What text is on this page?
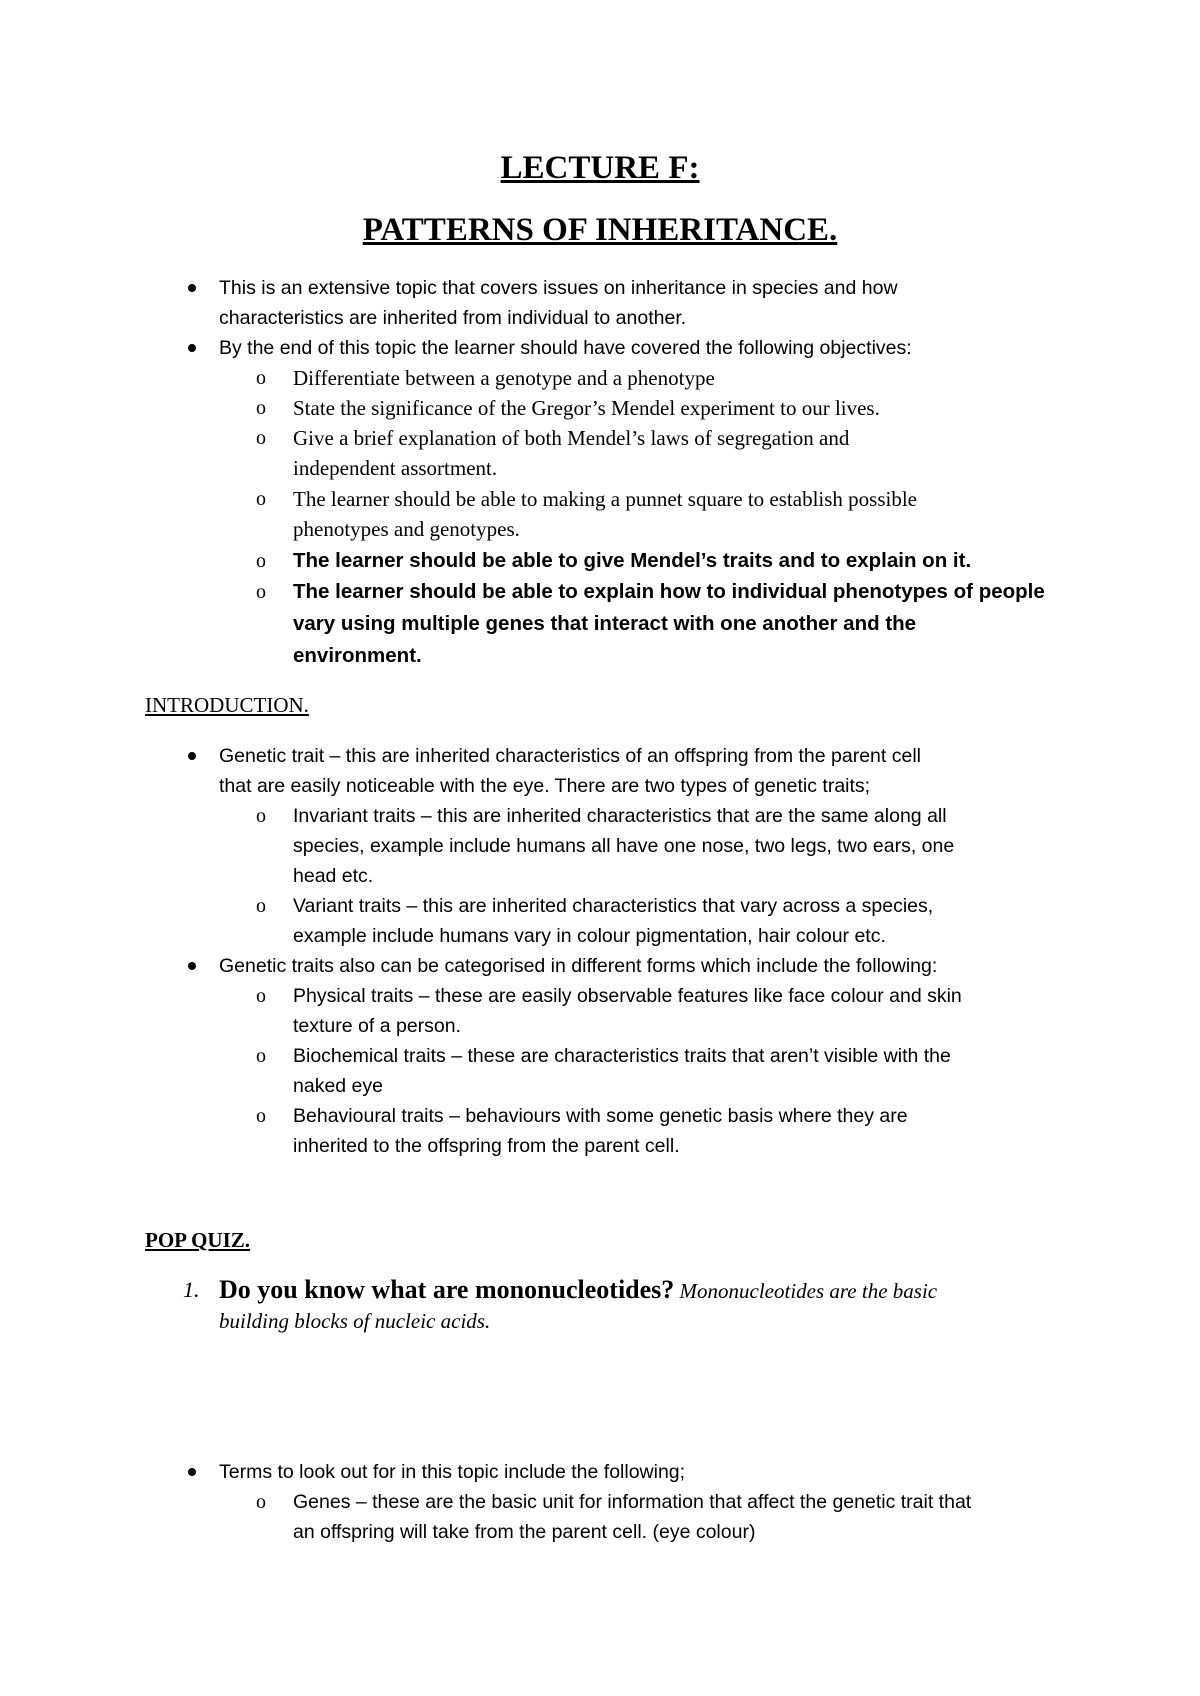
LECTURE F:
PATTERNS OF INHERITANCE.
This is an extensive topic that covers issues on inheritance in species and how
characteristics are inherited from individual to another.
By the end of this topic the learner should have covered the following objectives:
o Differentiate between a genotype and a phenotype
o State the significance of the Gregor’s Mendel experiment to our lives.
o Give a brief explanation of both Mendel’s laws of segregation and
independent assortment.
o The learner should be able to making a punnet square to establish possible
phenotypes and genotypes.
o The learner should be able to give Mendel’s traits and to explain on it.
o The learner should be able to explain how to individual phenotypes of people
vary using multiple genes that interact with one another and the
environment.
INTRODUCTION.
Genetic trait – this are inherited characteristics of an offspring from the parent cell
that are easily noticeable with the eye. There are two types of genetic traits;
o Invariant traits – this are inherited characteristics that are the same along all
species, example include humans all have one nose, two legs, two ears, one
head etc.
o Variant traits – this are inherited characteristics that vary across a species,
example include humans vary in colour pigmentation, hair colour etc.
Genetic traits also can be categorised in different forms which include the following:
o Physical traits – these are easily observable features like face colour and skin
texture of a person.
o Biochemical traits – these are characteristics traits that aren’t visible with the
naked eye
o Behavioural traits – behaviours with some genetic basis where they are
inherited to the offspring from the parent cell.
POP QUIZ.
1. Do you know what are mononucleotides? Mononucleotides are the basic
building blocks of nucleic acids.
Terms to look out for in this topic include the following;
o Genes – these are the basic unit for information that affect the genetic trait that
an offspring will take from the parent cell. (eye colour)
